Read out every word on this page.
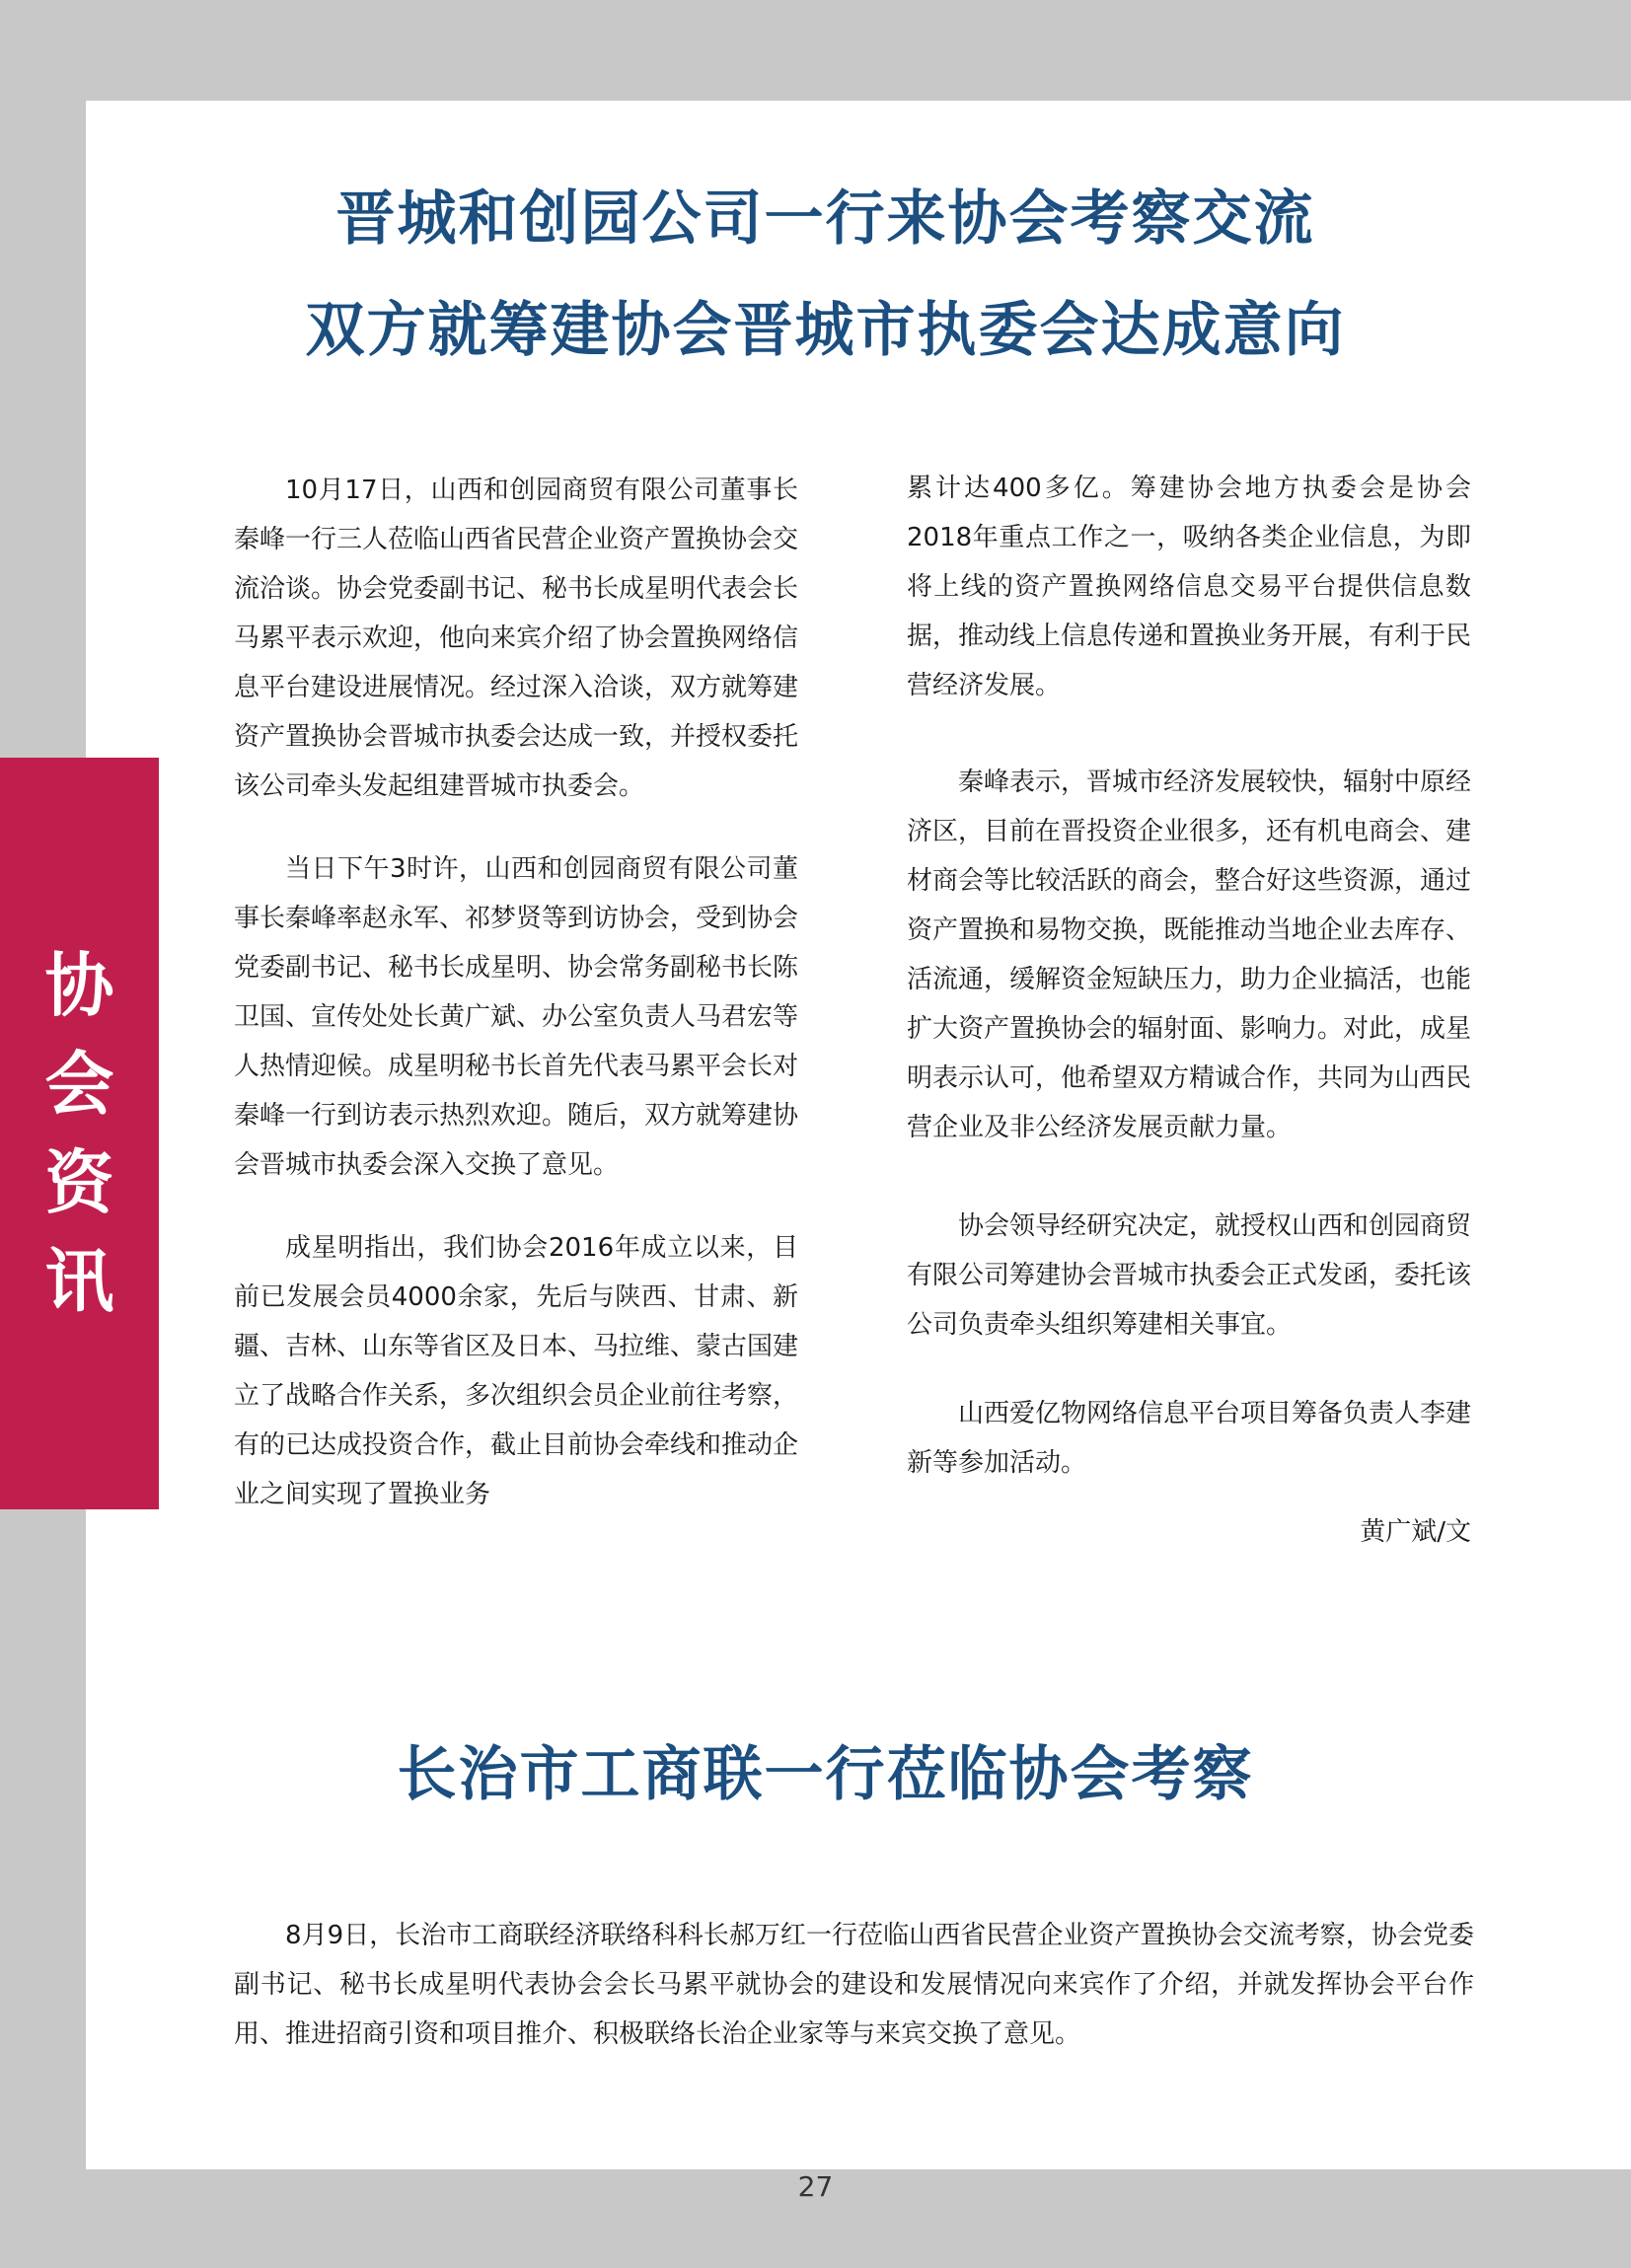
协
会
资
讯
晋城和创园公司一行来协会考察交流
双方就筹建协会晋城市执委会达成意向

10月17日，山西和创园商贸有限公司董事长秦峰一行三人莅临山西省民营企业资产置换协会交流洽谈。协会党委副书记、秘书长成星明代表会长马累平表示欢迎，他向来宾介绍了协会置换网络信息平台建设进展情况。经过深入洽谈，双方就筹建资产置换协会晋城市执委会达成一致，并授权委托该公司牵头发起组建晋城市执委会。

当日下午3时许，山西和创园商贸有限公司董事长秦峰率赵永军、祁梦贤等到访协会，受到协会党委副书记、秘书长成星明、协会常务副秘书长陈卫国、宣传处处长黄广斌、办公室负责人马君宏等人热情迎候。成星明秘书长首先代表马累平会长对秦峰一行到访表示热烈欢迎。随后，双方就筹建协会晋城市执委会深入交换了意见。

成星明指出，我们协会2016年成立以来，目前已发展会员4000余家，先后与陕西、甘肃、新疆、吉林、山东等省区及日本、马拉维、蒙古国建立了战略合作关系，多次组织会员企业前往考察，有的已达成投资合作，截止目前协会牵线和推动企业之间实现了置换业务

累计达400多亿。筹建协会地方执委会是协会2018年重点工作之一，吸纳各类企业信息，为即将上线的资产置换网络信息交易平台提供信息数据，推动线上信息传递和置换业务开展，有利于民营经济发展。

秦峰表示，晋城市经济发展较快，辐射中原经济区，目前在晋投资企业很多，还有机电商会、建材商会等比较活跃的商会，整合好这些资源，通过资产置换和易物交换，既能推动当地企业去库存、活流通，缓解资金短缺压力，助力企业搞活，也能扩大资产置换协会的辐射面、影响力。对此，成星明表示认可，他希望双方精诚合作，共同为山西民营企业及非公经济发展贡献力量。

协会领导经研究决定，就授权山西和创园商贸有限公司筹建协会晋城市执委会正式发函，委托该公司负责牵头组织筹建相关事宜。

山西爱亿物网络信息平台项目筹备负责人李建新等参加活动。

黄广斌/文

长治市工商联一行莅临协会考察

8月9日，长治市工商联经济联络科科长郝万红一行莅临山西省民营企业资产置换协会交流考察，协会党委副书记、秘书长成星明代表协会会长马累平就协会的建设和发展情况向来宾作了介绍，并就发挥协会平台作用、推进招商引资和项目推介、积极联络长治企业家等与来宾交换了意见。

27
